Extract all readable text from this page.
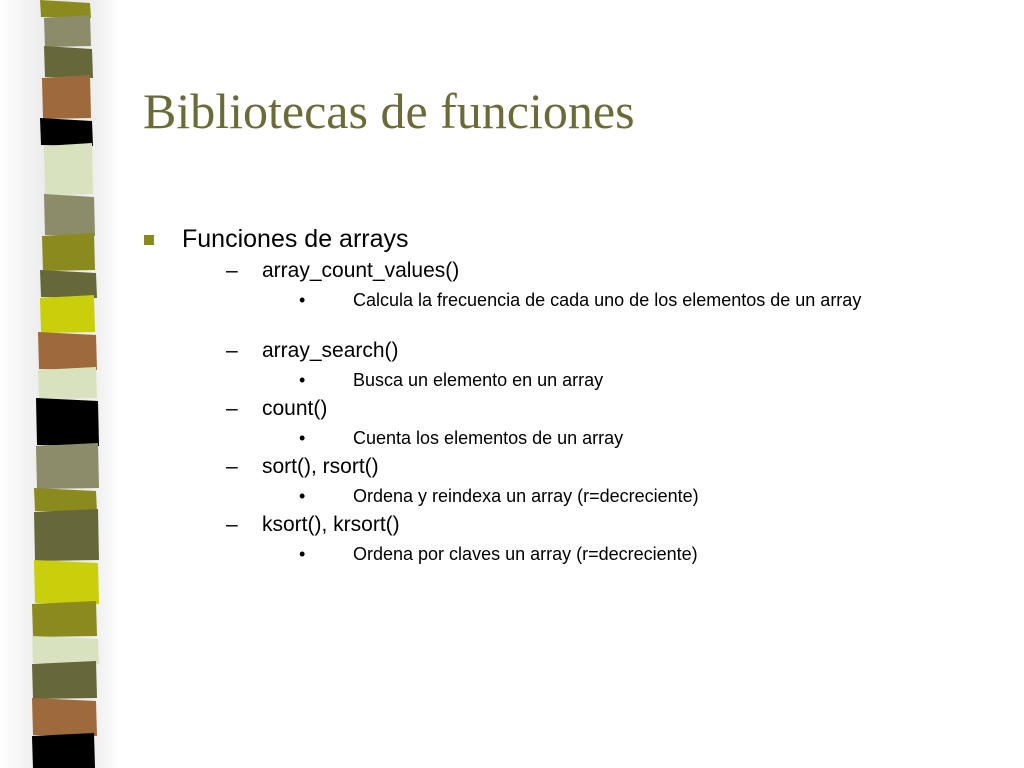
Bibliotecas de funciones
Funciones de arrays
– array_count_values()
•	Calcula la frecuencia de cada uno de los elementos de un array
– array_search()
•	Busca un elemento en un array
– count()
•	Cuenta los elementos de un array
– sort(), rsort()
•	Ordena y reindexa un array (r=decreciente)
– ksort(), krsort()
•	Ordena por claves un array (r=decreciente)
